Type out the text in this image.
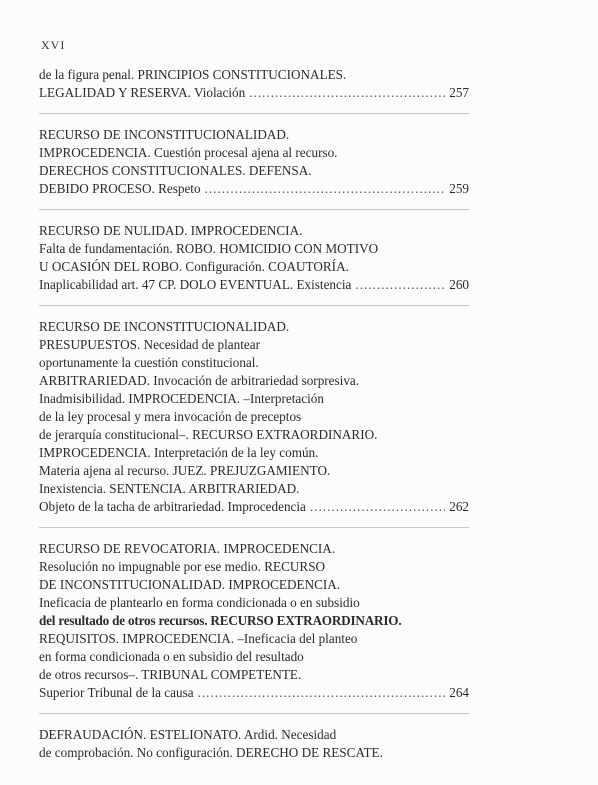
XVI
de la figura penal. PRINCIPIOS CONSTITUCIONALES.
LEGALIDAD Y RESERVA. Violación .....	257
RECURSO DE INCONSTITUCIONALIDAD.
IMPROCEDENCIA. Cuestión procesal ajena al recurso.
DERECHOS CONSTITUCIONALES. DEFENSA.
DEBIDO PROCESO. Respeto .....	259
RECURSO DE NULIDAD. IMPROCEDENCIA.
Falta de fundamentación. ROBO. HOMICIDIO CON MOTIVO
U OCASIÓN DEL ROBO. Configuración. COAUTORÍA.
Inaplicabilidad art. 47 CP. DOLO EVENTUAL. Existencia .....	260
RECURSO DE INCONSTITUCIONALIDAD.
PRESUPUESTOS. Necesidad de plantear
oportunamente la cuestión constitucional.
ARBITRARIEDAD. Invocación de arbitrariedad sorpresiva.
Inadmisibilidad. IMPROCEDENCIA. –Interpretación
de la ley procesal y mera invocación de preceptos
de jerarquía constitucional–. RECURSO EXTRAORDINARIO.
IMPROCEDENCIA. Interpretación de la ley común.
Materia ajena al recurso. JUEZ. PREJUZGAMIENTO.
Inexistencia. SENTENCIA. ARBITRARIEDAD.
Objeto de la tacha de arbitrariedad. Improcedencia .....	262
RECURSO DE REVOCATORIA. IMPROCEDENCIA.
Resolución no impugnable por ese medio. RECURSO
DE INCONSTITUCIONALIDAD. IMPROCEDENCIA.
Ineficacia de plantearlo en forma condicionada o en subsidio
del resultado de otros recursos. RECURSO EXTRAORDINARIO.
REQUISITOS. IMPROCEDENCIA. –Ineficacia del planteo
en forma condicionada o en subsidio del resultado
de otros recursos–. TRIBUNAL COMPETENTE.
Superior Tribunal de la causa .....	264
DEFRAUDACIÓN. ESTELIONATO. Ardid. Necesidad
de comprobación. No configuración. DERECHO DE RESCATE.
